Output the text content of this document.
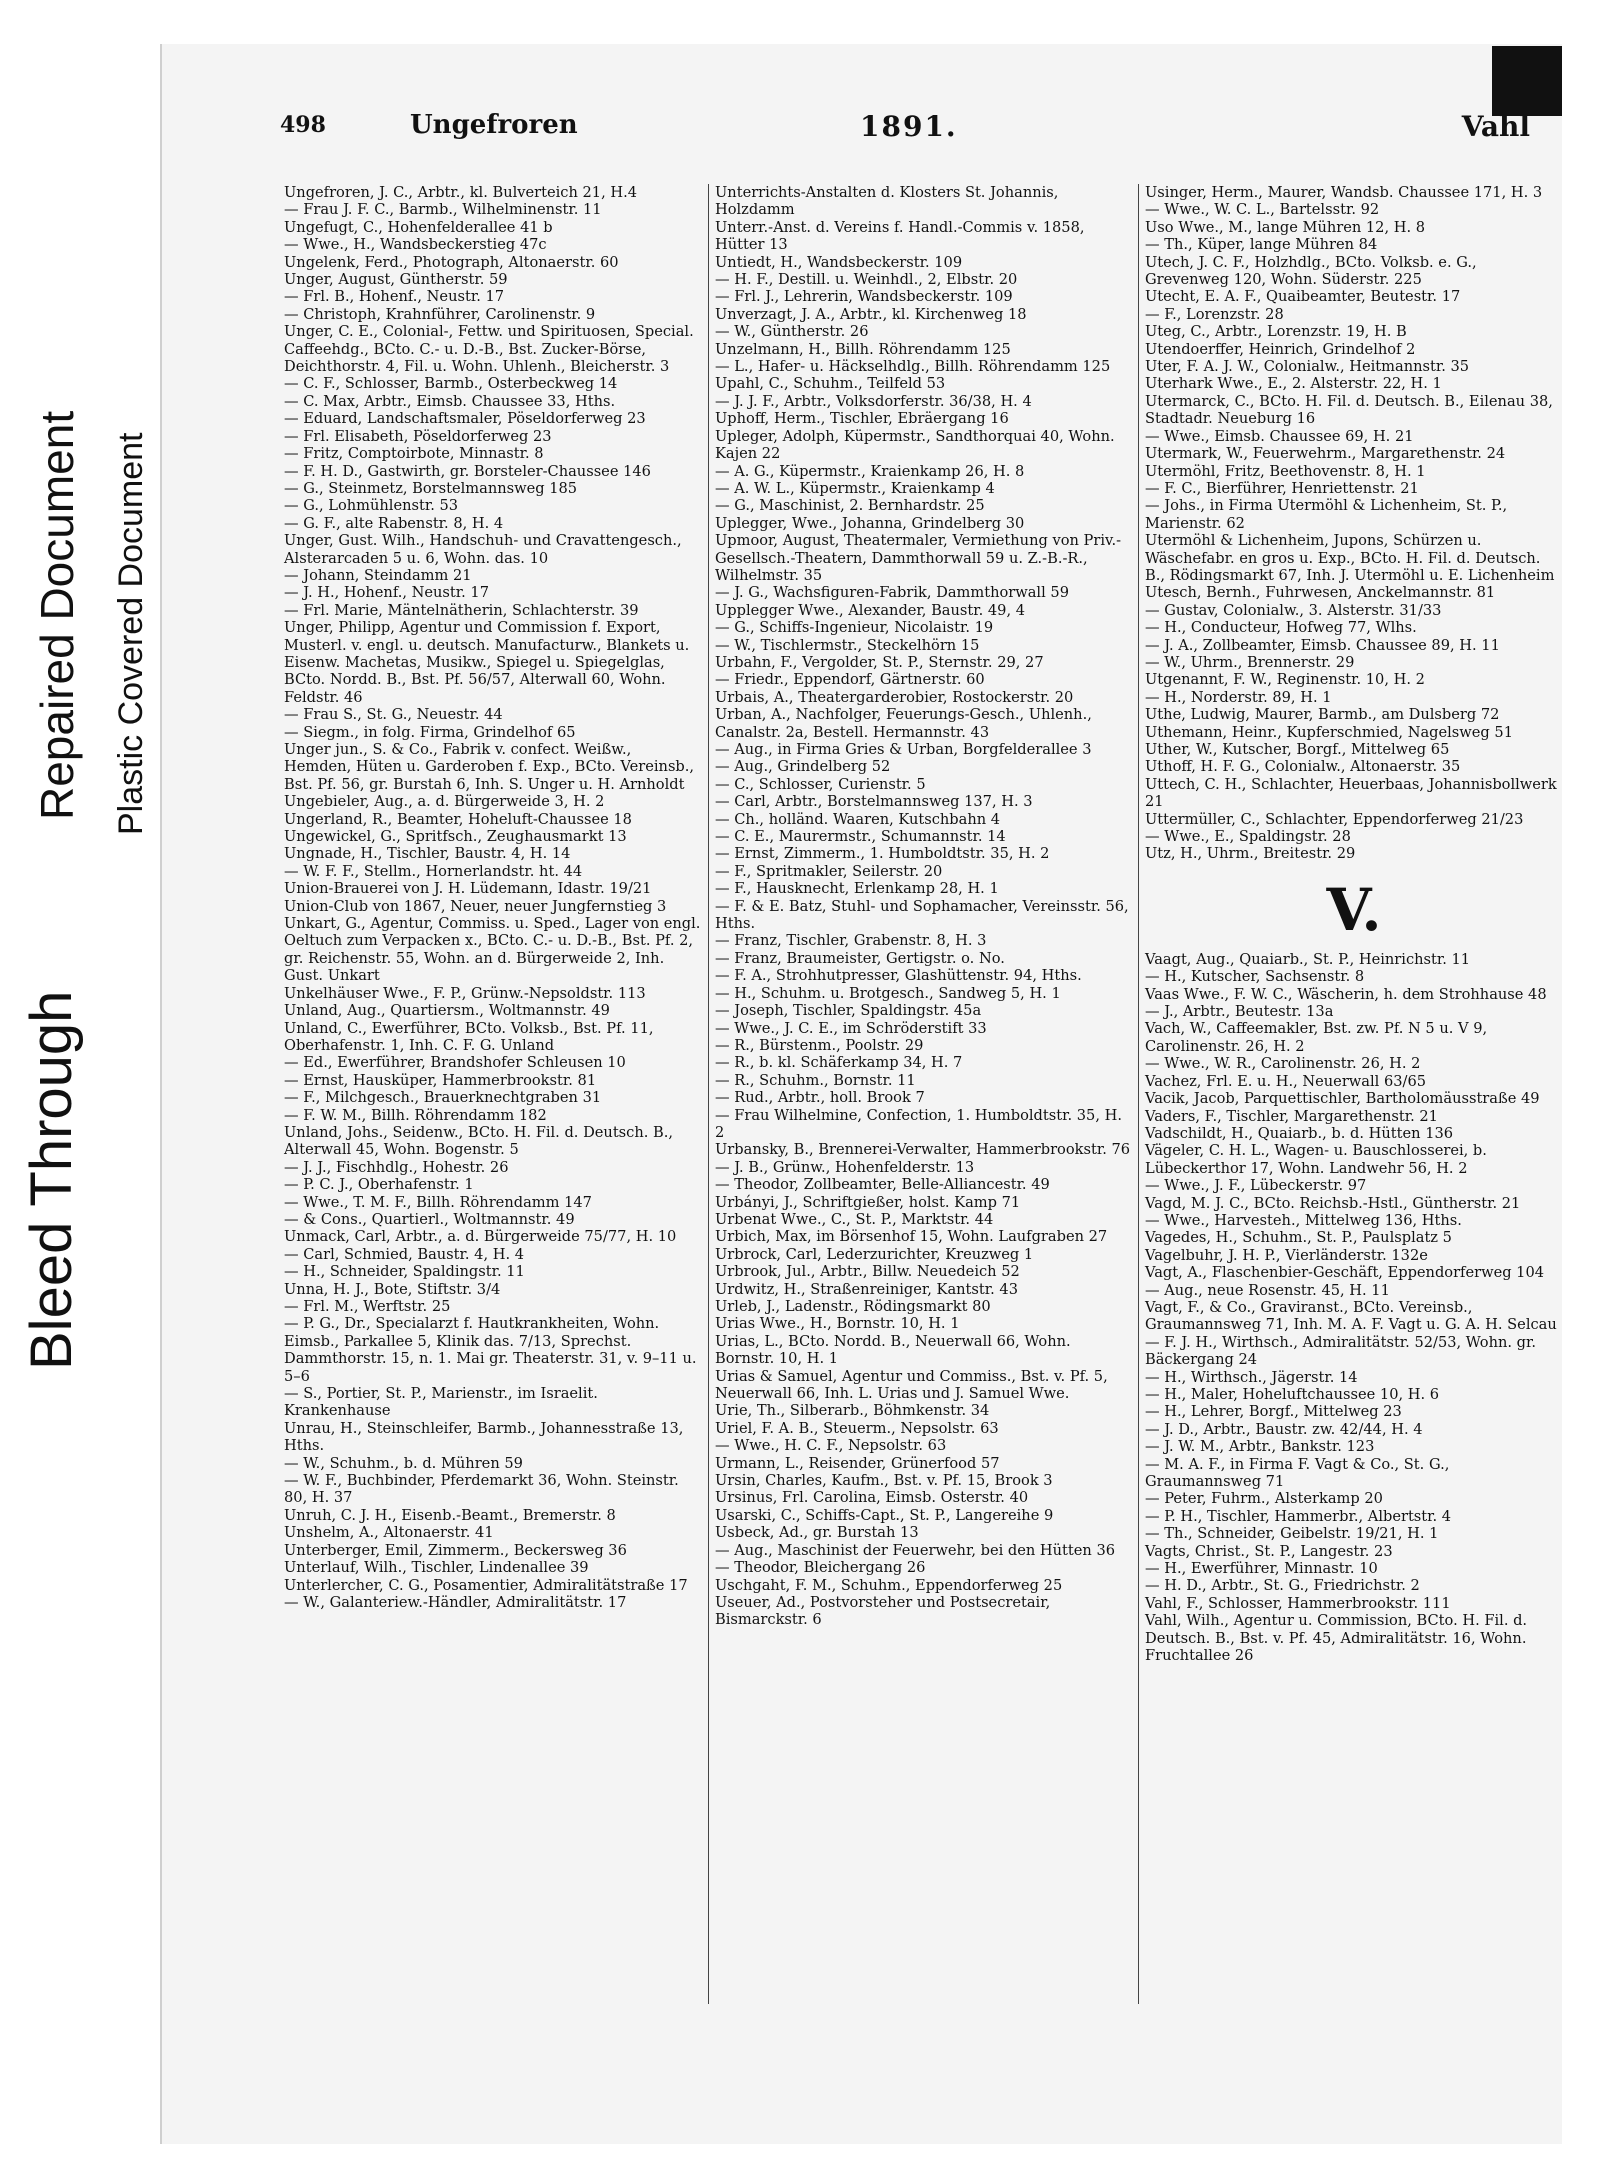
Bleed Through
Repaired Document Plastic Covered Document
498	Ungefroren	1891.	Vahl

Ungefroren, J. C., Arbtr., kl. Bulverteich 21, H.4

— Frau J. F. C., Barmb., Wilhelminenstr. 11

Ungefugt, C., Hohenfelderallee 41 b

— Wwe., H., Wandsbeckerstieg 47c

Ungelenk, Ferd., Photograph, Altonaerstr. 60

Unger, August, Güntherstr. 59

— Frl. B., Hohenf., Neustr. 17

— Christoph, Krahnführer, Carolinenstr. 9

Unger, C. E., Colonial-, Fettw. und Spirituosen, Special. Caffeehdg., BCto. C.- u. D.-B., Bst. Zucker-Börse, Deichthorstr. 4, Fil. u. Wohn. Uhlenh., Bleicherstr. 3

— C. F., Schlosser, Barmb., Osterbeckweg 14

— C. Max, Arbtr., Eimsb. Chaussee 33, Hths.

— Eduard, Landschaftsmaler, Pöseldorferweg 23

— Frl. Elisabeth, Pöseldorferweg 23

— Fritz, Comptoirbote, Minnastr. 8

— F. H. D., Gastwirth, gr. Borsteler-Chaussee 146

— G., Steinmetz, Borstelmannsweg 185

— G., Lohmühlenstr. 53

— G. F., alte Rabenstr. 8, H. 4

Unger, Gust. Wilh., Handschuh- und Cravattengesch., Alsterarcaden 5 u. 6, Wohn. das. 10

— Johann, Steindamm 21

— J. H., Hohenf., Neustr. 17

— Frl. Marie, Mäntelnätherin, Schlachterstr. 39

Unger, Philipp, Agentur und Commission f. Export, Musterl. v. engl. u. deutsch. Manufacturw., Blankets u. Eisenw. Machetas, Musikw., Spiegel u. Spiegelglas, BCto. Nordd. B., Bst. Pf. 56/57, Alterwall 60, Wohn. Feldstr. 46

— Frau S., St. G., Neuestr. 44

— Siegm., in folg. Firma, Grindelhof 65

Unger jun., S. & Co., Fabrik v. confect. Weißw., Hemden, Hüten u. Garderoben f. Exp., BCto. Vereinsb., Bst. Pf. 56, gr. Burstah 6, Inh. S. Unger u. H. Arnholdt

Ungebieler, Aug., a. d. Bürgerweide 3, H. 2

Ungerland, R., Beamter, Hoheluft-Chaussee 18

Ungewickel, G., Spritfsch., Zeughausmarkt 13

Ungnade, H., Tischler, Baustr. 4, H. 14

— W. F. F., Stellm., Hornerlandstr. ht. 44

Union-Brauerei von J. H. Lüdemann, Idastr. 19/21

Union-Club von 1867, Neuer, neuer Jungfernstieg 3

Unkart, G., Agentur, Commiss. u. Sped., Lager von engl. Oeltuch zum Verpacken x., BCto. C.- u. D.-B., Bst. Pf. 2, gr. Reichenstr. 55, Wohn. an d. Bürgerweide 2, Inh. Gust. Unkart

Unkelhäuser Wwe., F. P., Grünw.-Nepsoldstr. 113

Unland, Aug., Quartiersm., Woltmannstr. 49

Unland, C., Ewerführer, BCto. Volksb., Bst. Pf. 11, Oberhafenstr. 1, Inh. C. F. G. Unland

— Ed., Ewerführer, Brandshofer Schleusen 10

— Ernst, Hausküper, Hammerbrookstr. 81

— F., Milchgesch., Brauerknechtgraben 31

— F. W. M., Billh. Röhrendamm 182

Unland, Johs., Seidenw., BCto. H. Fil. d. Deutsch. B., Alterwall 45, Wohn. Bogenstr. 5

— J. J., Fischhdlg., Hohestr. 26

— P. C. J., Oberhafenstr. 1

— Wwe., T. M. F., Billh. Röhrendamm 147

— & Cons., Quartierl., Woltmannstr. 49

Unmack, Carl, Arbtr., a. d. Bürgerweide 75/77, H. 10

— Carl, Schmied, Baustr. 4, H. 4

— H., Schneider, Spaldingstr. 11

Unna, H. J., Bote, Stiftstr. 3/4

— Frl. M., Werftstr. 25

— P. G., Dr., Specialarzt f. Hautkrankheiten, Wohn. Eimsb., Parkallee 5, Klinik das. 7/13, Sprechst. Dammthorstr. 15, n. 1. Mai gr. Theaterstr. 31, v. 9–11 u. 5–6

— S., Portier, St. P., Marienstr., im Israelit. Krankenhause

Unrau, H., Steinschleifer, Barmb., Johannesstraße 13, Hths.

— W., Schuhm., b. d. Mühren 59

— W. F., Buchbinder, Pferdemarkt 36, Wohn. Steinstr. 80, H. 37

Unruh, C. J. H., Eisenb.-Beamt., Bremerstr. 8

Unshelm, A., Altonaerstr. 41

Unterberger, Emil, Zimmerm., Beckersweg 36

Unterlauf, Wilh., Tischler, Lindenallee 39

Unterlercher, C. G., Posamentier, Admiralitätstraße 17

— W., Galanteriew.-Händler, Admiralitätstr. 17

Unterrichts-Anstalten d. Klosters St. Johannis, Holzdamm

Unterr.-Anst. d. Vereins f. Handl.-Commis v. 1858, Hütter 13

Untiedt, H., Wandsbeckerstr. 109

— H. F., Destill. u. Weinhdl., 2, Elbstr. 20

— Frl. J., Lehrerin, Wandsbeckerstr. 109

Unverzagt, J. A., Arbtr., kl. Kirchenweg 18

— W., Güntherstr. 26

Unzelmann, H., Billh. Röhrendamm 125

— L., Hafer- u. Häckselhdlg., Billh. Röhrendamm 125

Upahl, C., Schuhm., Teilfeld 53

— J. J. F., Arbtr., Volksdorferstr. 36/38, H. 4

Uphoff, Herm., Tischler, Ebräergang 16

Upleger, Adolph, Küpermstr., Sandthorquai 40, Wohn. Kajen 22

— A. G., Küpermstr., Kraienkamp 26, H. 8

— A. W. L., Küpermstr., Kraienkamp 4

— G., Maschinist, 2. Bernhardstr. 25

Uplegger, Wwe., Johanna, Grindelberg 30

Upmoor, August, Theatermaler, Vermiethung von Priv.-Gesellsch.-Theatern, Dammthorwall 59 u. Z.-B.-R., Wilhelmstr. 35

— J. G., Wachsfiguren-Fabrik, Dammthorwall 59

Upplegger Wwe., Alexander, Baustr. 49, 4

— G., Schiffs-Ingenieur, Nicolaistr. 19

— W., Tischlermstr., Steckelhörn 15

Urbahn, F., Vergolder, St. P., Sternstr. 29, 27

— Friedr., Eppendorf, Gärtnerstr. 60

Urbais, A., Theatergarderobier, Rostockerstr. 20

Urban, A., Nachfolger, Feuerungs-Gesch., Uhlenh., Canalstr. 2a, Bestell. Hermannstr. 43

— Aug., in Firma Gries & Urban, Borgfelderallee 3

— Aug., Grindelberg 52

— C., Schlosser, Curienstr. 5

— Carl, Arbtr., Borstelmannsweg 137, H. 3

— Ch., holländ. Waaren, Kutschbahn 4

— C. E., Maurermstr., Schumannstr. 14

— Ernst, Zimmerm., 1. Humboldtstr. 35, H. 2

— F., Spritmakler, Seilerstr. 20

— F., Hausknecht, Erlenkamp 28, H. 1

— F. & E. Batz, Stuhl- und Sophamacher, Vereinsstr. 56, Hths.

— Franz, Tischler, Grabenstr. 8, H. 3

— Franz, Braumeister, Gertigstr. o. No.

— F. A., Strohhutpresser, Glashüttenstr. 94, Hths.

— H., Schuhm. u. Brotgesch., Sandweg 5, H. 1

— Joseph, Tischler, Spaldingstr. 45a

— Wwe., J. C. E., im Schröderstift 33

— R., Bürstenm., Poolstr. 29

— R., b. kl. Schäferkamp 34, H. 7

— R., Schuhm., Bornstr. 11

— Rud., Arbtr., holl. Brook 7

— Frau Wilhelmine, Confection, 1. Humboldtstr. 35, H. 2

Urbansky, B., Brennerei-Verwalter, Hammerbrookstr. 76

— J. B., Grünw., Hohenfelderstr. 13

— Theodor, Zollbeamter, Belle-Alliancestr. 49

Urbányi, J., Schriftgießer, holst. Kamp 71

Urbenat Wwe., C., St. P., Marktstr. 44

Urbich, Max, im Börsenhof 15, Wohn. Laufgraben 27

Urbrock, Carl, Lederzurichter, Kreuzweg 1

Urbrook, Jul., Arbtr., Billw. Neuedeich 52

Urdwitz, H., Straßenreiniger, Kantstr. 43

Urleb, J., Ladenstr., Rödingsmarkt 80

Urias Wwe., H., Bornstr. 10, H. 1

Urias, L., BCto. Nordd. B., Neuerwall 66, Wohn. Bornstr. 10, H. 1

Urias & Samuel, Agentur und Commiss., Bst. v. Pf. 5, Neuerwall 66, Inh. L. Urias und J. Samuel Wwe.

Urie, Th., Silberarb., Böhmkenstr. 34

Uriel, F. A. B., Steuerm., Nepsolstr. 63

— Wwe., H. C. F., Nepsolstr. 63

Urmann, L., Reisender, Grünerfood 57

Ursin, Charles, Kaufm., Bst. v. Pf. 15, Brook 3

Ursinus, Frl. Carolina, Eimsb. Osterstr. 40

Usarski, C., Schiffs-Capt., St. P., Langereihe 9

Usbeck, Ad., gr. Burstah 13

— Aug., Maschinist der Feuerwehr, bei den Hütten 36

— Theodor, Bleichergang 26

Uschgaht, F. M., Schuhm., Eppendorferweg 25

Useuer, Ad., Postvorsteher und Postsecretair, Bismarckstr. 6

Usinger, Herm., Maurer, Wandsb. Chaussee 171, H. 3

— Wwe., W. C. L., Bartelsstr. 92

Uso Wwe., M., lange Mühren 12, H. 8

— Th., Küper, lange Mühren 84

Utech, J. C. F., Holzhdlg., BCto. Volksb. e. G., Grevenweg 120, Wohn. Süderstr. 225

Utecht, E. A. F., Quaibeamter, Beutestr. 17

— F., Lorenzstr. 28

Uteg, C., Arbtr., Lorenzstr. 19, H. B

Utendoerffer, Heinrich, Grindelhof 2

Uter, F. A. J. W., Colonialw., Heitmannstr. 35

Uterhark Wwe., E., 2. Alsterstr. 22, H. 1

Utermarck, C., BCto. H. Fil. d. Deutsch. B., Eilenau 38, Stadtadr. Neueburg 16

— Wwe., Eimsb. Chaussee 69, H. 21

Utermark, W., Feuerwehrm., Margarethenstr. 24

Utermöhl, Fritz, Beethovenstr. 8, H. 1

— F. C., Bierführer, Henriettenstr. 21

— Johs., in Firma Utermöhl & Lichenheim, St. P., Marienstr. 62

Utermöhl & Lichenheim, Jupons, Schürzen u. Wäschefabr. en gros u. Exp., BCto. H. Fil. d. Deutsch. B., Rödingsmarkt 67, Inh. J. Utermöhl u. E. Lichenheim

Utesch, Bernh., Fuhrwesen, Anckelmannstr. 81

— Gustav, Colonialw., 3. Alsterstr. 31/33

— H., Conducteur, Hofweg 77, Wlhs.

— J. A., Zollbeamter, Eimsb. Chaussee 89, H. 11

— W., Uhrm., Brennerstr. 29

Utgenannt, F. W., Reginenstr. 10, H. 2

— H., Norderstr. 89, H. 1

Uthe, Ludwig, Maurer, Barmb., am Dulsberg 72

Uthemann, Heinr., Kupferschmied, Nagelsweg 51

Uther, W., Kutscher, Borgf., Mittelweg 65

Uthoff, H. F. G., Colonialw., Altonaerstr. 35

Uttech, C. H., Schlachter, Heuerbaas, Johannisbollwerk 21

Uttermüller, C., Schlachter, Eppendorferweg 21/23

— Wwe., E., Spaldingstr. 28

Utz, H., Uhrm., Breitestr. 29

V.

Vaagt, Aug., Quaiarb., St. P., Heinrichstr. 11

— H., Kutscher, Sachsenstr. 8

Vaas Wwe., F. W. C., Wäscherin, h. dem Strohhause 48

— J., Arbtr., Beutestr. 13a

Vach, W., Caffeemakler, Bst. zw. Pf. N 5 u. V 9, Carolinenstr. 26, H. 2

— Wwe., W. R., Carolinenstr. 26, H. 2

Vachez, Frl. E. u. H., Neuerwall 63/65

Vacik, Jacob, Parquettischler, Bartholomäusstraße 49

Vaders, F., Tischler, Margarethenstr. 21

Vadschildt, H., Quaiarb., b. d. Hütten 136

Vägeler, C. H. L., Wagen- u. Bauschlosserei, b. Lübeckerthor 17, Wohn. Landwehr 56, H. 2

— Wwe., J. F., Lübeckerstr. 97

Vagd, M. J. C., BCto. Reichsb.-Hstl., Güntherstr. 21

— Wwe., Harvesteh., Mittelweg 136, Hths.

Vagedes, H., Schuhm., St. P., Paulsplatz 5

Vagelbuhr, J. H. P., Vierländerstr. 132e

Vagt, A., Flaschenbier-Geschäft, Eppendorferweg 104

— Aug., neue Rosenstr. 45, H. 11

Vagt, F., & Co., Graviranst., BCto. Vereinsb., Graumannsweg 71, Inh. M. A. F. Vagt u. G. A. H. Selcau

— F. J. H., Wirthsch., Admiralitätstr. 52/53, Wohn. gr. Bäckergang 24

— H., Wirthsch., Jägerstr. 14

— H., Maler, Hoheluftchaussee 10, H. 6

— H., Lehrer, Borgf., Mittelweg 23

— J. D., Arbtr., Baustr. zw. 42/44, H. 4

— J. W. M., Arbtr., Bankstr. 123

— M. A. F., in Firma F. Vagt & Co., St. G., Graumannsweg 71

— Peter, Fuhrm., Alsterkamp 20

— P. H., Tischler, Hammerbr., Albertstr. 4

— Th., Schneider, Geibelstr. 19/21, H. 1

Vagts, Christ., St. P., Langestr. 23

— H., Ewerführer, Minnastr. 10

— H. D., Arbtr., St. G., Friedrichstr. 2

Vahl, F., Schlosser, Hammerbrookstr. 111

Vahl, Wilh., Agentur u. Commission, BCto. H. Fil. d. Deutsch. B., Bst. v. Pf. 45, Admiralitätstr. 16, Wohn. Fruchtallee 26
